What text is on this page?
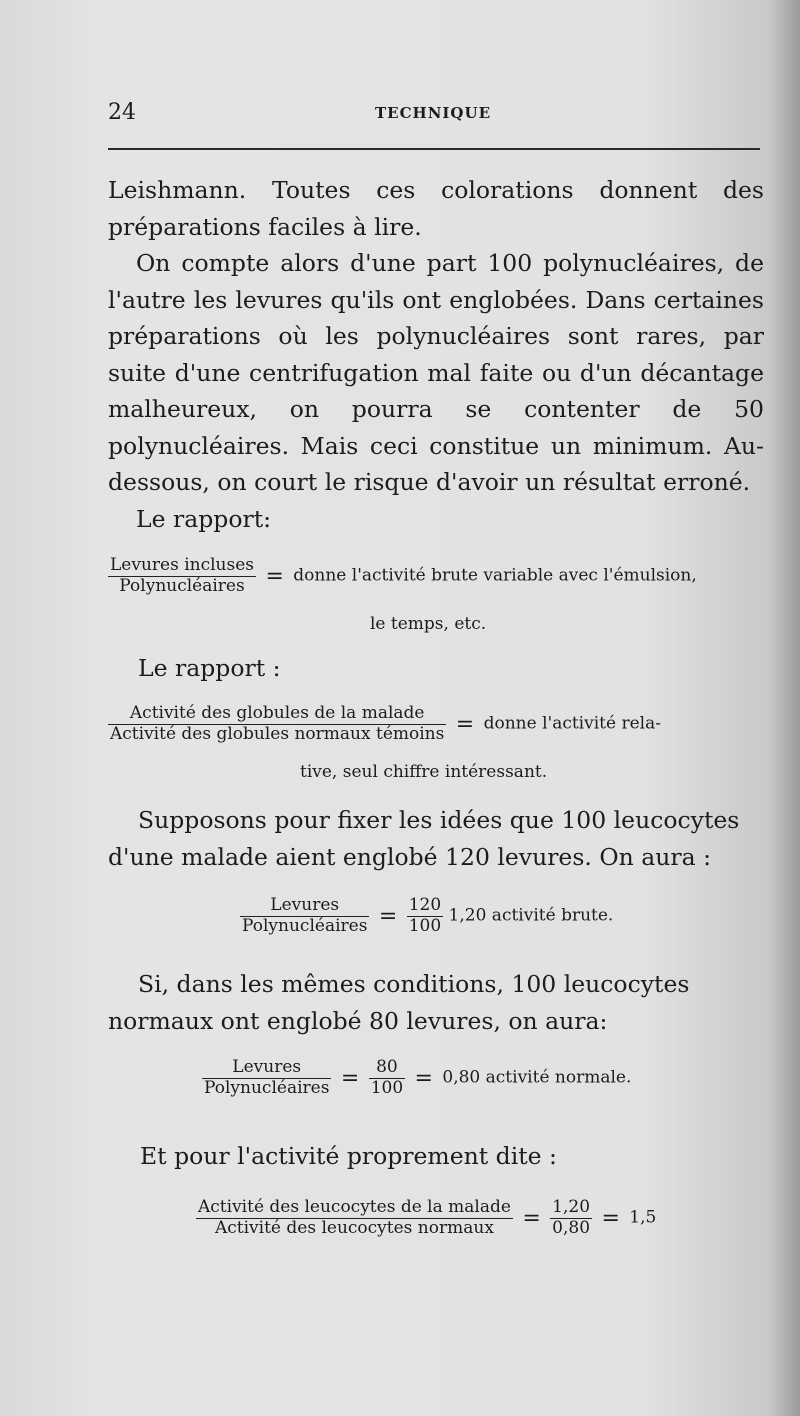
24	TECHNIQUE

Leishmann. Toutes ces colorations donnent des préparations faciles à lire.

On compte alors d'une part 100 polynucléaires, de l'autre les levures qu'ils ont englobées. Dans certaines préparations où les polynucléaires sont rares, par suite d'une centrifugation mal faite ou d'un décantage malheureux, on pourra se contenter de 50 polynucléaires. Mais ceci constitue un minimum. Au-dessous, on court le risque d'avoir un résultat erroné.

Le rapport:

$\frac{\text{Levures incluses}}{\text{Polynucléaires}}$ = donne l'activité brute variable avec l'émulsion,
le temps, etc.
Le rapport :
$\frac{\text{Activité des globules de la malade}}{\text{Activité des globules normaux témoins}}$ = donne l'activité rela-
tive, seul chiffre intéressant.
Supposons pour fixer les idées que 100 leucocytes d'une malade aient englobé 120 levures. On aura :
$\frac{\text{Levures}}{\text{Polynucléaires}} = \frac{120}{100} 1,20$ activité brute.
Si, dans les mêmes conditions, 100 leucocytes normaux ont englobé 80 levures, on aura:
$\frac{\text{Levures}}{\text{Polynucléaires}} = \frac{80}{100} = 0,80$ activité normale.
Et pour l'activité proprement dite :
$\frac{\text{Activité des leucocytes de la malade}}{\text{Activité des leucocytes normaux}} = \frac{1,20}{0,80} = 1,5$
